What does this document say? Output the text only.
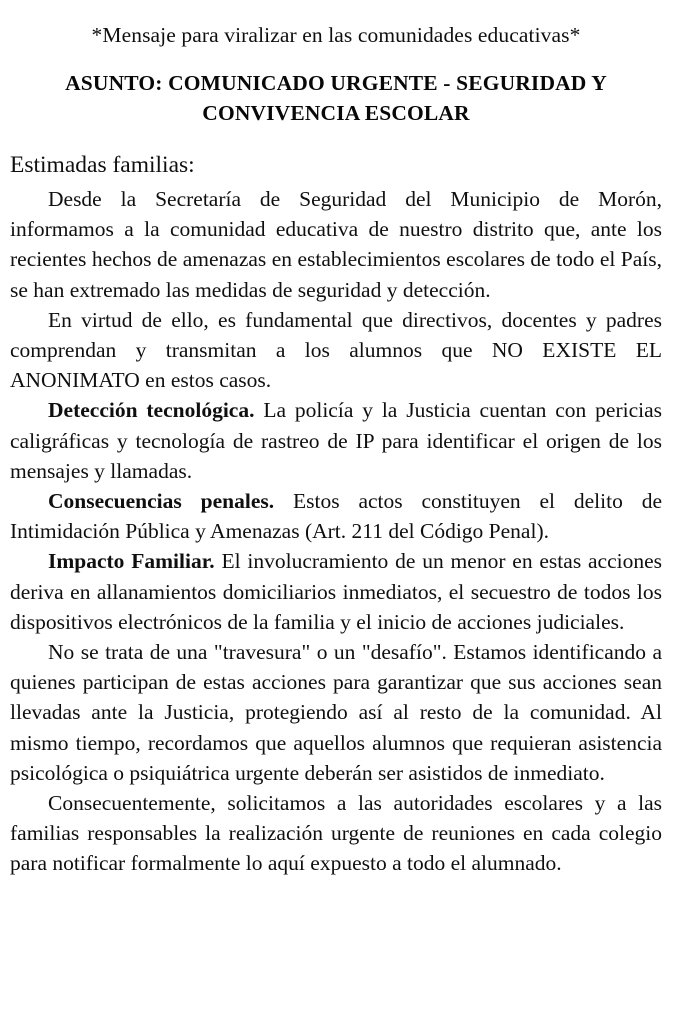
*Mensaje para viralizar en las comunidades educativas*
ASUNTO: COMUNICADO URGENTE - SEGURIDAD Y CONVIVENCIA ESCOLAR
Estimadas familias:

Desde la Secretaría de Seguridad del Municipio de Morón, informamos a la comunidad educativa de nuestro distrito que, ante los recientes hechos de amenazas en establecimientos escolares de todo el País, se han extremado las medidas de seguridad y detección.

En virtud de ello, es fundamental que directivos, docentes y padres comprendan y transmitan a los alumnos que NO EXISTE EL ANONIMATO en estos casos.

Detección tecnológica. La policía y la Justicia cuentan con pericias caligráficas y tecnología de rastreo de IP para identificar el origen de los mensajes y llamadas.

Consecuencias penales. Estos actos constituyen el delito de Intimidación Pública y Amenazas (Art. 211 del Código Penal).

Impacto Familiar. El involucramiento de un menor en estas acciones deriva en allanamientos domiciliarios inmediatos, el secuestro de todos los dispositivos electrónicos de la familia y el inicio de acciones judiciales.

No se trata de una "travesura" o un "desafío". Estamos identificando a quienes participan de estas acciones para garantizar que sus acciones sean llevadas ante la Justicia, protegiendo así al resto de la comunidad. Al mismo tiempo, recordamos que aquellos alumnos que requieran asistencia psicológica o psiquiátrica urgente deberán ser asistidos de inmediato.

Consecuentemente, solicitamos a las autoridades escolares y a las familias responsables la realización urgente de reuniones en cada colegio para notificar formalmente lo aquí expuesto a todo el alumnado.
